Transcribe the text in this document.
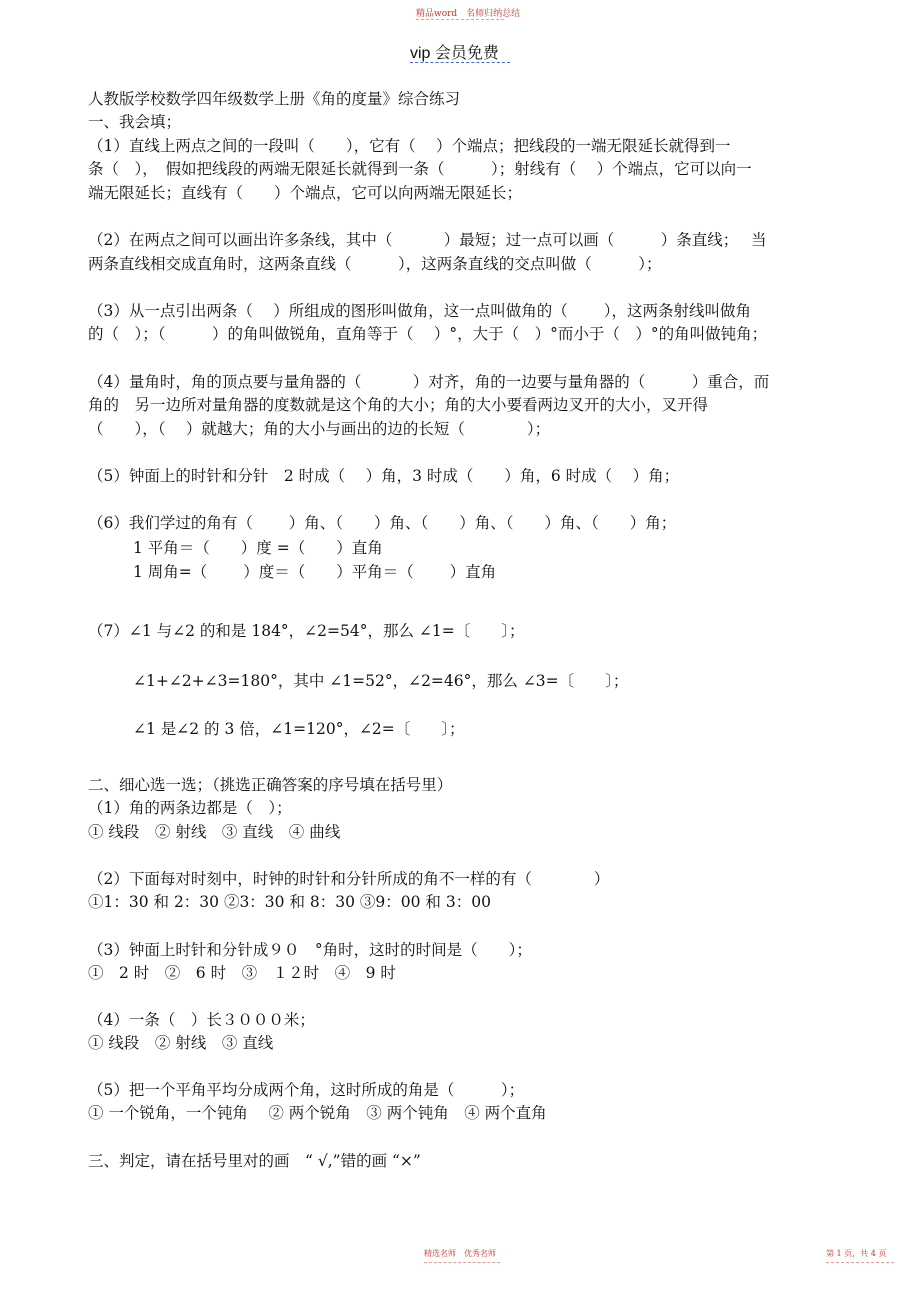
精品word　名师归纳总结
vip 会员免费
人教版学校数学四年级数学上册《角的度量》综合练习
一、我会填；
（1）直线上两点之间的一段叫（　　），它有（　 ）个端点；把线段的一端无限延长就得到一
条（　），　假如把线段的两端无限延长就得到一条（　　　）；射线有（　 ）个端点，它可以向一
端无限延长；直线有（　　）个端点，它可以向两端无限延长；
（2）在两点之间可以画出许多条线，其中（　　　 ）最短；过一点可以画（　　　）条直线；　 当
两条直线相交成直角时，这两条直线（　　　），这两条直线的交点叫做（　　　）；
（3）从一点引出两条（　 ）所组成的图形叫做角，这一点叫做角的（　　 ），这两条射线叫做角
的（　）；（　　　）的角叫做锐角，直角等于（　 ）°，大于（　）°而小于（　）°的角叫做钝角；
（4）量角时，角的顶点要与量角器的（　　　 ）对齐，角的一边要与量角器的（　　　）重合，而
角的　另一边所对量角器的度数就是这个角的大小；角的大小要看两边叉开的大小，叉开得
（　　），（　 ）就越大；角的大小与画出的边的长短（　　　　）；
（5）钟面上的时针和分针　2 时成（　 ）角，3 时成（　　）角，6 时成（　 ）角；
（6）我们学过的角有（　　 ）角、（　　）角、（　　）角、（　　）角、（　　）角；
1 平角＝（　　）度 =（　　）直角
1 周角=（　　 ）度＝（　　）平角＝（　　 ）直角
（7）∠1 与∠2 的和是 184°，∠2=54°，那么 ∠1=〔　　〕；
∠1+∠2+∠3=180°，其中 ∠1=52°，∠2=46°，那么 ∠3=〔　　〕；
∠1 是∠2 的 3 倍，∠1=120°，∠2=〔　　〕；
二、细心选一选；（挑选正确答案的序号填在括号里）
（1）角的两条边都是（　）；
① 线段　② 射线　③ 直线　④ 曲线
（2）下面每对时刻中，时钟的时针和分针所成的角不一样的有（　　　　）
①1：30 和 2：30 ②3：30 和 8：30 ③9：00 和 3：00
（3）钟面上时针和分针成９０　°角时，这时的时间是（　　）；
①　2 时　②　6 时　③　１２时　④　9 时
（4）一条（　）长３０００米；
① 线段　② 射线　③ 直线
（5）把一个平角平均分成两个角，这时所成的角是（　　　）；
① 一个锐角，一个钝角　 ② 两个锐角　③ 两个钝角　④ 两个直角
三、判定，请在括号里对的画　“ √,”错的画 “×”
精选名师　优秀名师	第 1 页，共 4 页
